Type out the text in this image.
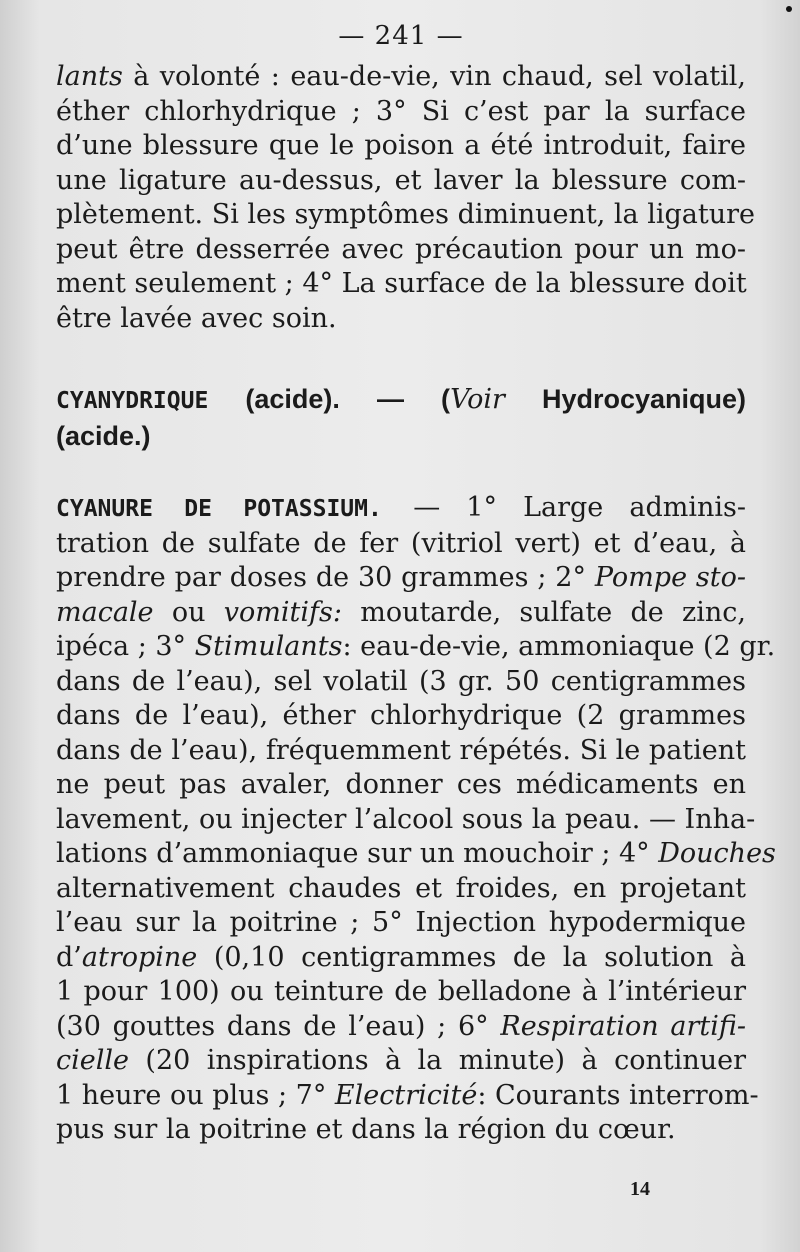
— 241 —
lants à volonté : eau-de-vie, vin chaud, sel volatil,
éther chlorhydrique ; 3° Si c’est par la surface
d’une blessure que le poison a été introduit, faire
une ligature au-dessus, et laver la blessure com-
plètement. Si les symptômes diminuent, la ligature
peut être desserrée avec précaution pour un mo-
ment seulement ; 4° La surface de la blessure doit
être lavée avec soin.
CYANYDRIQUE (acide). — (Voir Hydrocyanique)
(acide.)
CYANURE DE POTASSIUM. — 1° Large adminis-
tration de sulfate de fer (vitriol vert) et d’eau, à
prendre par doses de 30 grammes ; 2° Pompe sto-
macale ou vomitifs: moutarde, sulfate de zinc,
ipéca ; 3° Stimulants: eau-de-vie, ammoniaque (2 gr.
dans de l’eau), sel volatil (3 gr. 50 centigrammes
dans de l’eau), éther chlorhydrique (2 grammes
dans de l’eau), fréquemment répétés. Si le patient
ne peut pas avaler, donner ces médicaments en
lavement, ou injecter l’alcool sous la peau. — Inha-
lations d’ammoniaque sur un mouchoir ; 4° Douches
alternativement chaudes et froides, en projetant
l’eau sur la poitrine ; 5° Injection hypodermique
d’atropine (0,10 centigrammes de la solution à
1 pour 100) ou teinture de belladone à l’intérieur
(30 gouttes dans de l’eau) ; 6° Respiration artifi-
cielle (20 inspirations à la minute) à continuer
1 heure ou plus ; 7° Electricité: Courants interrom-
pus sur la poitrine et dans la région du cœur.
14
